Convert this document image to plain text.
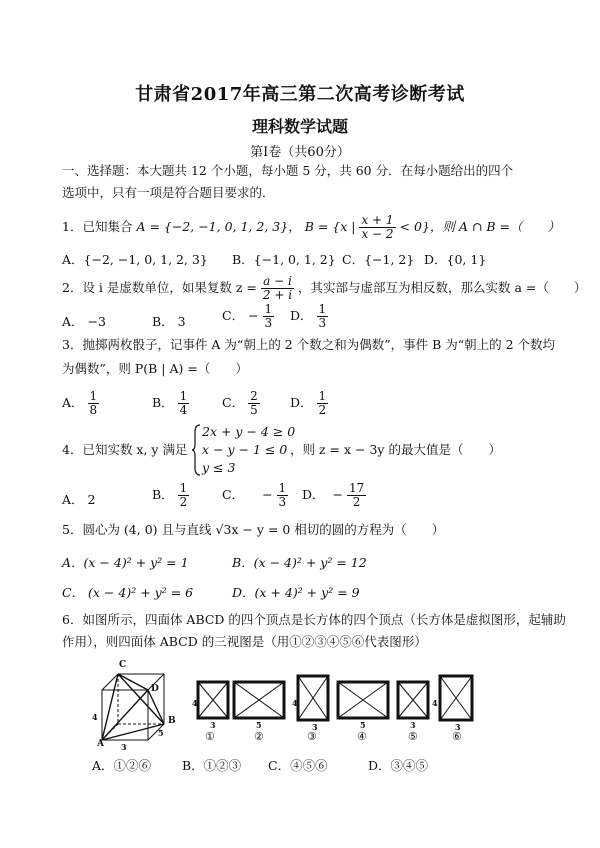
甘肃省2017年高三第二次高考诊断考试
理科数学试题
第Ⅰ卷（共60分）
一、选择题：本大题共 12 个小题，每小题 5 分，共 60 分．在每小题给出的四个
选项中，只有一项是符合题目要求的．
1．已知集合 A = {−2, −1, 0, 1, 2, 3}， B = {x | $\frac{x + 1}{x - 2} < 0$}，则 A ∩ B =（　　）
A．{−2, −1, 0, 1, 2, 3} B．{−1, 0, 1, 2} C．{−1, 2} D．{0, 1}
2．设 i 是虚数单位，如果复数 $z = \frac{a - i}{2 + i}$ ，其实部与虚部互为相反数，那么实数 a =（　　）
A． −3	B． 3	C． − $\frac{1}{3}$ D． $\frac{1}{3}$
3．抛掷两枚骰子，记事件 A 为“朝上的 2 个数之和为偶数”，事件 B 为“朝上的 2 个数均
为偶数”，则 P(B | A) =（　　）
A． $\frac{1}{8}$	B． $\frac{1}{4}$	C． $\frac{2}{5}$ D． $\frac{1}{2}$
4．已知实数 x, y 满足
2x + y − 4 ≥ 0
x − y − 1 ≤ 0
y ≤ 3
，则 z = x − 3y 的最大值是（　　）
A． 2	B． $\frac{1}{2}$	C． − $\frac{1}{3}$ D． − $\frac{17}{2}$
5．圆心为 (4, 0) 且与直线 √3x − y = 0 相切的圆的方程为（　　）
A．(x − 4)² + y² = 1	B．(x − 4)² + y² = 12
C． (x − 4)² + y² = 6	D．(x + 4)² + y² = 9
6．如图所示，四面体 ABCD 的四个顶点是长方体的四个顶点（长方体是虚拟图形，起辅助
作用），则四面体 ABCD 的三视图是（用①②③④⑤⑥代表图形）
C
D
B
A
4
3
5
4
3
①
5
②
4
3
③
5
④
3
⑤
4
3
⑥
A．①②⑥ B．①②③ C．④⑤⑥	D．③④⑤
